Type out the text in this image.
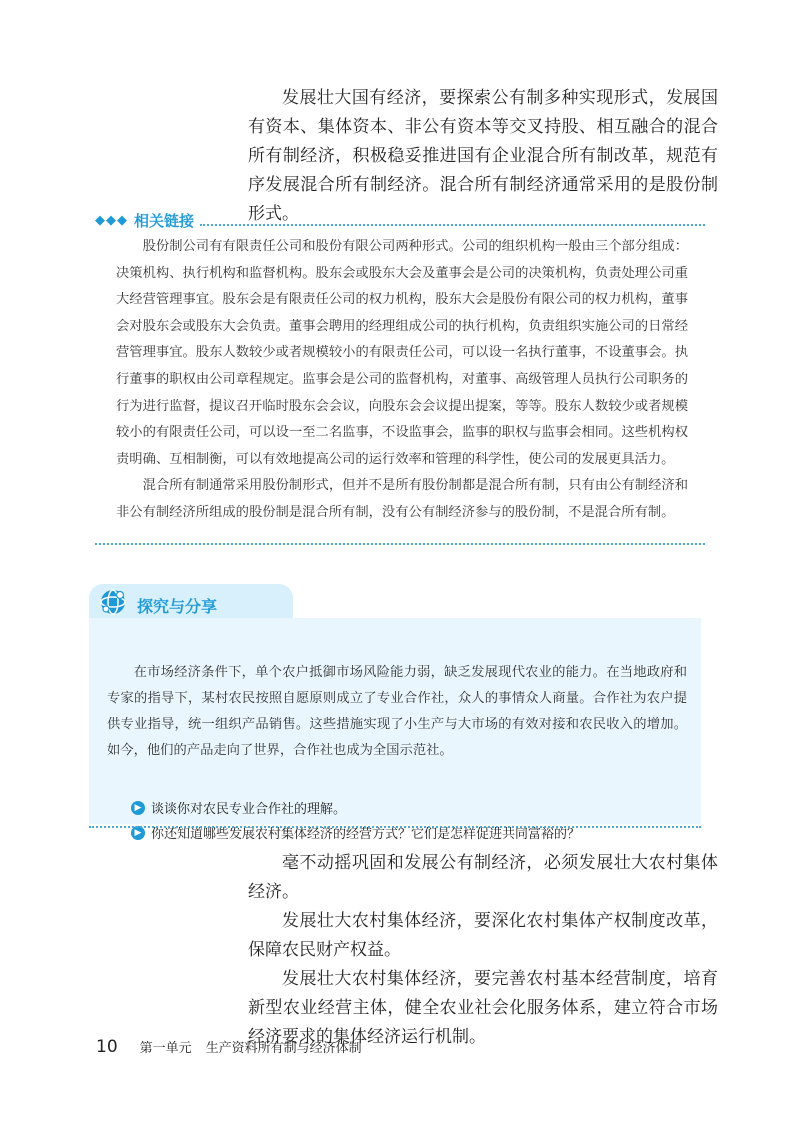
发展壮大国有经济，要探索公有制多种实现形式，发展国有资本、集体资本、非公有资本等交叉持股、相互融合的混合所有制经济，积极稳妥推进国有企业混合所有制改革，规范有序发展混合所有制经济。混合所有制经济通常采用的是股份制形式。

◆◆◆ 相关链接

股份制公司有有限责任公司和股份有限公司两种形式。公司的组织机构一般由三个部分组成：决策机构、执行机构和监督机构。股东会或股东大会及董事会是公司的决策机构，负责处理公司重大经营管理事宜。股东会是有限责任公司的权力机构，股东大会是股份有限公司的权力机构，董事会对股东会或股东大会负责。董事会聘用的经理组成公司的执行机构，负责组织实施公司的日常经营管理事宜。股东人数较少或者规模较小的有限责任公司，可以设一名执行董事，不设董事会。执行董事的职权由公司章程规定。监事会是公司的监督机构，对董事、高级管理人员执行公司职务的行为进行监督，提议召开临时股东会会议，向股东会会议提出提案，等等。股东人数较少或者规模较小的有限责任公司，可以设一至二名监事，不设监事会，监事的职权与监事会相同。这些机构权责明确、互相制衡，可以有效地提高公司的运行效率和管理的科学性，使公司的发展更具活力。

混合所有制通常采用股份制形式，但并不是所有股份制都是混合所有制，只有由公有制经济和非公有制经济所组成的股份制是混合所有制，没有公有制经济参与的股份制，不是混合所有制。

探究与分享

在市场经济条件下，单个农户抵御市场风险能力弱，缺乏发展现代农业的能力。在当地政府和专家的指导下，某村农民按照自愿原则成立了专业合作社，众人的事情众人商量。合作社为农户提供专业指导，统一组织产品销售。这些措施实现了小生产与大市场的有效对接和农民收入的增加。如今，他们的产品走向了世界，合作社也成为全国示范社。

▶ 谈谈你对农民专业合作社的理解。
▶ 你还知道哪些发展农村集体经济的经营方式？它们是怎样促进共同富裕的？

毫不动摇巩固和发展公有制经济，必须发展壮大农村集体经济。

发展壮大农村集体经济，要深化农村集体产权制度改革，保障农民财产权益。

发展壮大农村集体经济，要完善农村基本经营制度，培育新型农业经营主体，健全农业社会化服务体系，建立符合市场经济要求的集体经济运行机制。

10 第一单元 生产资料所有制与经济体制
